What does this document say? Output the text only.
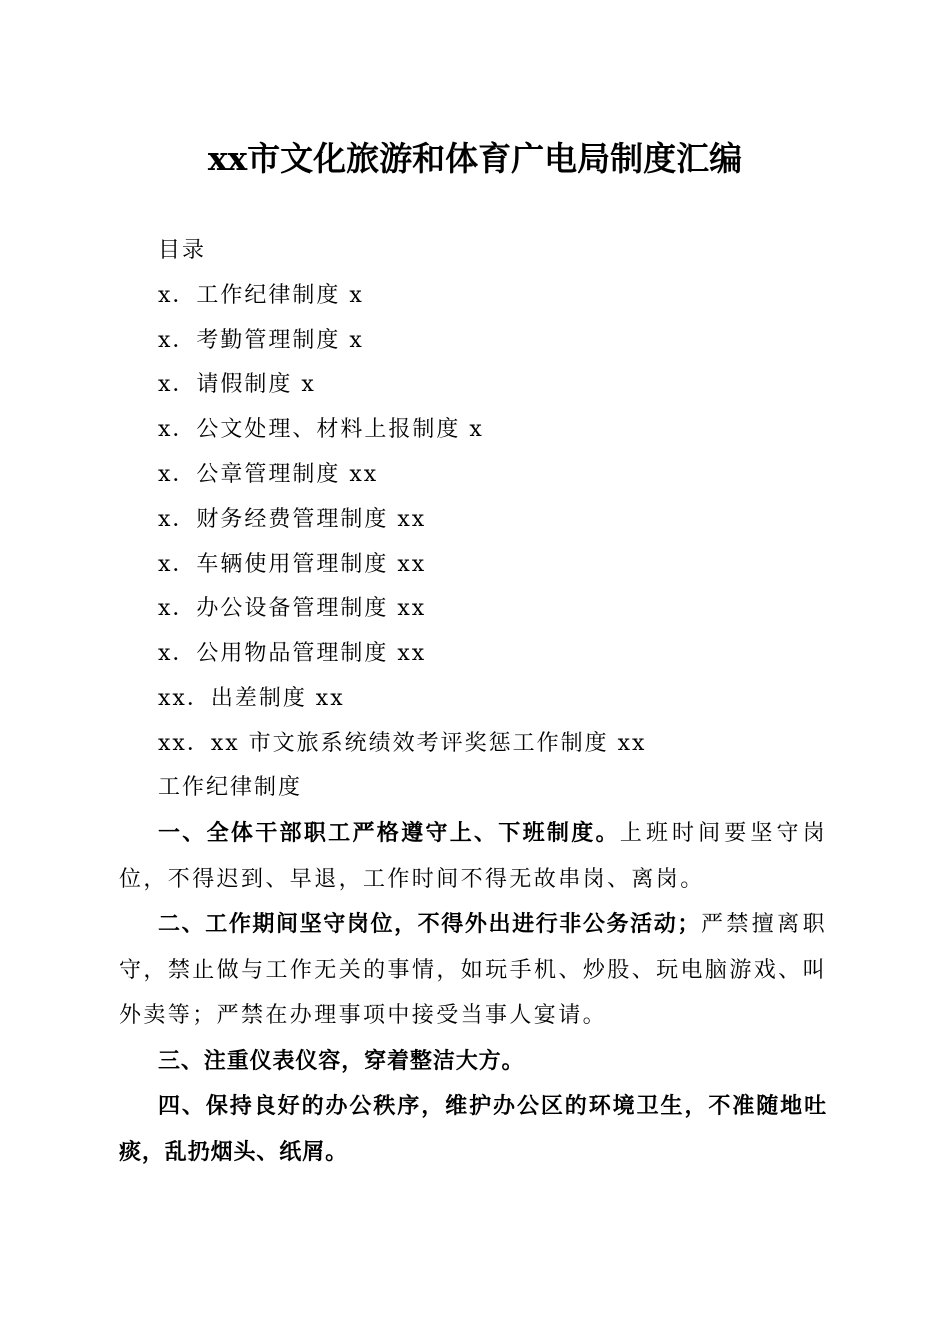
xx市文化旅游和体育广电局制度汇编
目录
x．工作纪律制度 x
x．考勤管理制度 x
x．请假制度 x
x．公文处理、材料上报制度 x
x．公章管理制度 xx
x．财务经费管理制度 xx
x．车辆使用管理制度 xx
x．办公设备管理制度 xx
x．公用物品管理制度 xx
xx．出差制度 xx
xx．xx 市文旅系统绩效考评奖惩工作制度 xx
工作纪律制度

一、全体干部职工严格遵守上、下班制度。上班时间要坚守岗位，不得迟到、早退，工作时间不得无故串岗、离岗。

二、工作期间坚守岗位，不得外出进行非公务活动；严禁擅离职守，禁止做与工作无关的事情，如玩手机、炒股、玩电脑游戏、叫外卖等；严禁在办理事项中接受当事人宴请。

三、注重仪表仪容，穿着整洁大方。

四、保持良好的办公秩序，维护办公区的环境卫生，不准随地吐痰，乱扔烟头、纸屑。
